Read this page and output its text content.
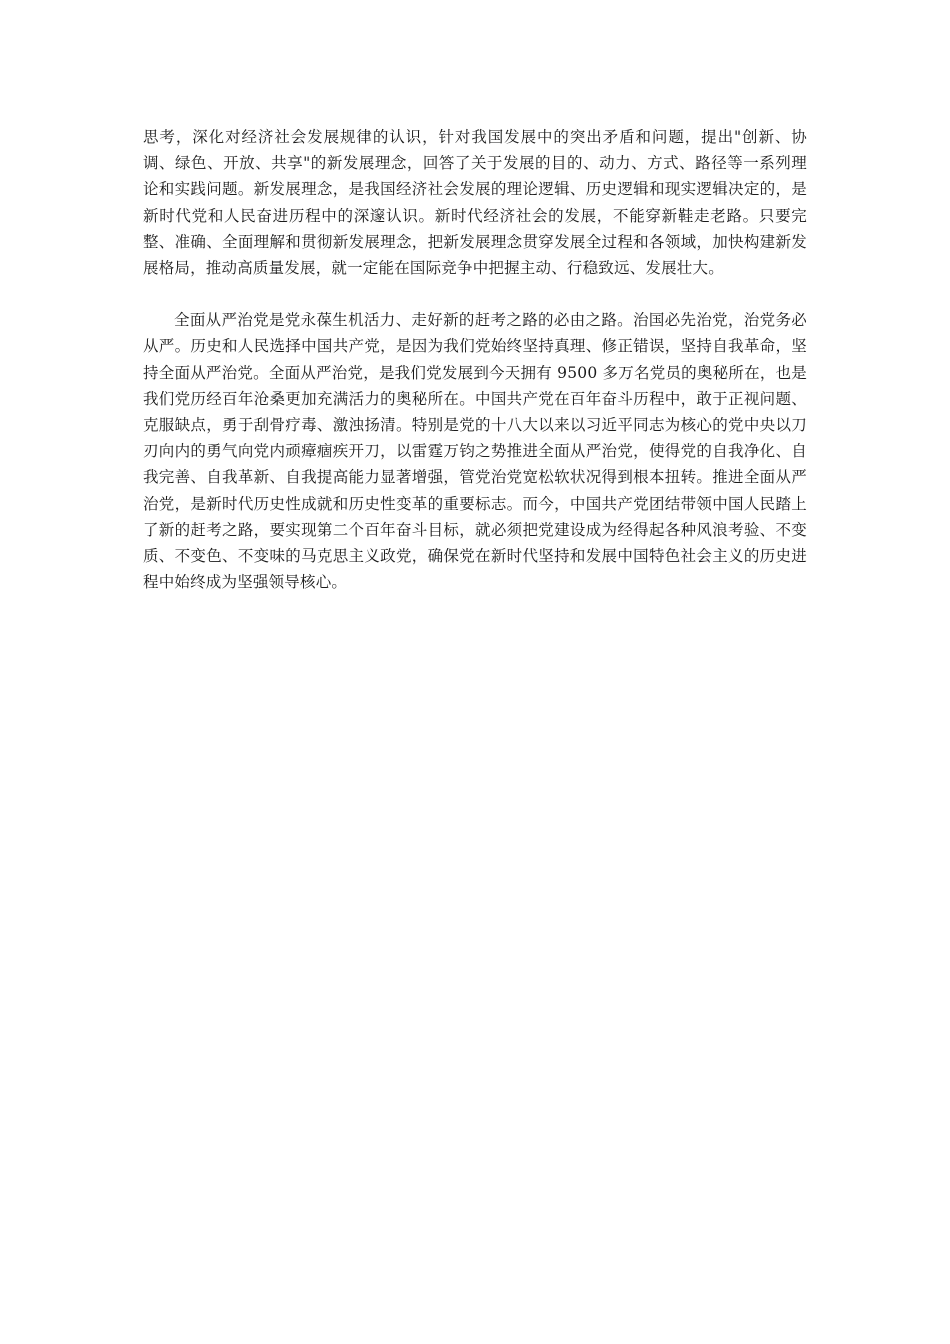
思考，深化对经济社会发展规律的认识，针对我国发展中的突出矛盾和问题，提出"创新、协调、绿色、开放、共享"的新发展理念，回答了关于发展的目的、动力、方式、路径等一系列理论和实践问题。新发展理念，是我国经济社会发展的理论逻辑、历史逻辑和现实逻辑决定的，是新时代党和人民奋进历程中的深邃认识。新时代经济社会的发展，不能穿新鞋走老路。只要完整、准确、全面理解和贯彻新发展理念，把新发展理念贯穿发展全过程和各领域，加快构建新发展格局，推动高质量发展，就一定能在国际竞争中把握主动、行稳致远、发展壮大。

全面从严治党是党永葆生机活力、走好新的赶考之路的必由之路。治国必先治党，治党务必从严。历史和人民选择中国共产党，是因为我们党始终坚持真理、修正错误，坚持自我革命，坚持全面从严治党。全面从严治党，是我们党发展到今天拥有 9500 多万名党员的奥秘所在，也是我们党历经百年沧桑更加充满活力的奥秘所在。中国共产党在百年奋斗历程中，敢于正视问题、克服缺点，勇于刮骨疗毒、激浊扬清。特别是党的十八大以来以习近平同志为核心的党中央以刀刃向内的勇气向党内顽瘴痼疾开刀，以雷霆万钧之势推进全面从严治党，使得党的自我净化、自我完善、自我革新、自我提高能力显著增强，管党治党宽松软状况得到根本扭转。推进全面从严治党，是新时代历史性成就和历史性变革的重要标志。而今，中国共产党团结带领中国人民踏上了新的赶考之路，要实现第二个百年奋斗目标，就必须把党建设成为经得起各种风浪考验、不变质、不变色、不变味的马克思主义政党，确保党在新时代坚持和发展中国特色社会主义的历史进程中始终成为坚强领导核心。
